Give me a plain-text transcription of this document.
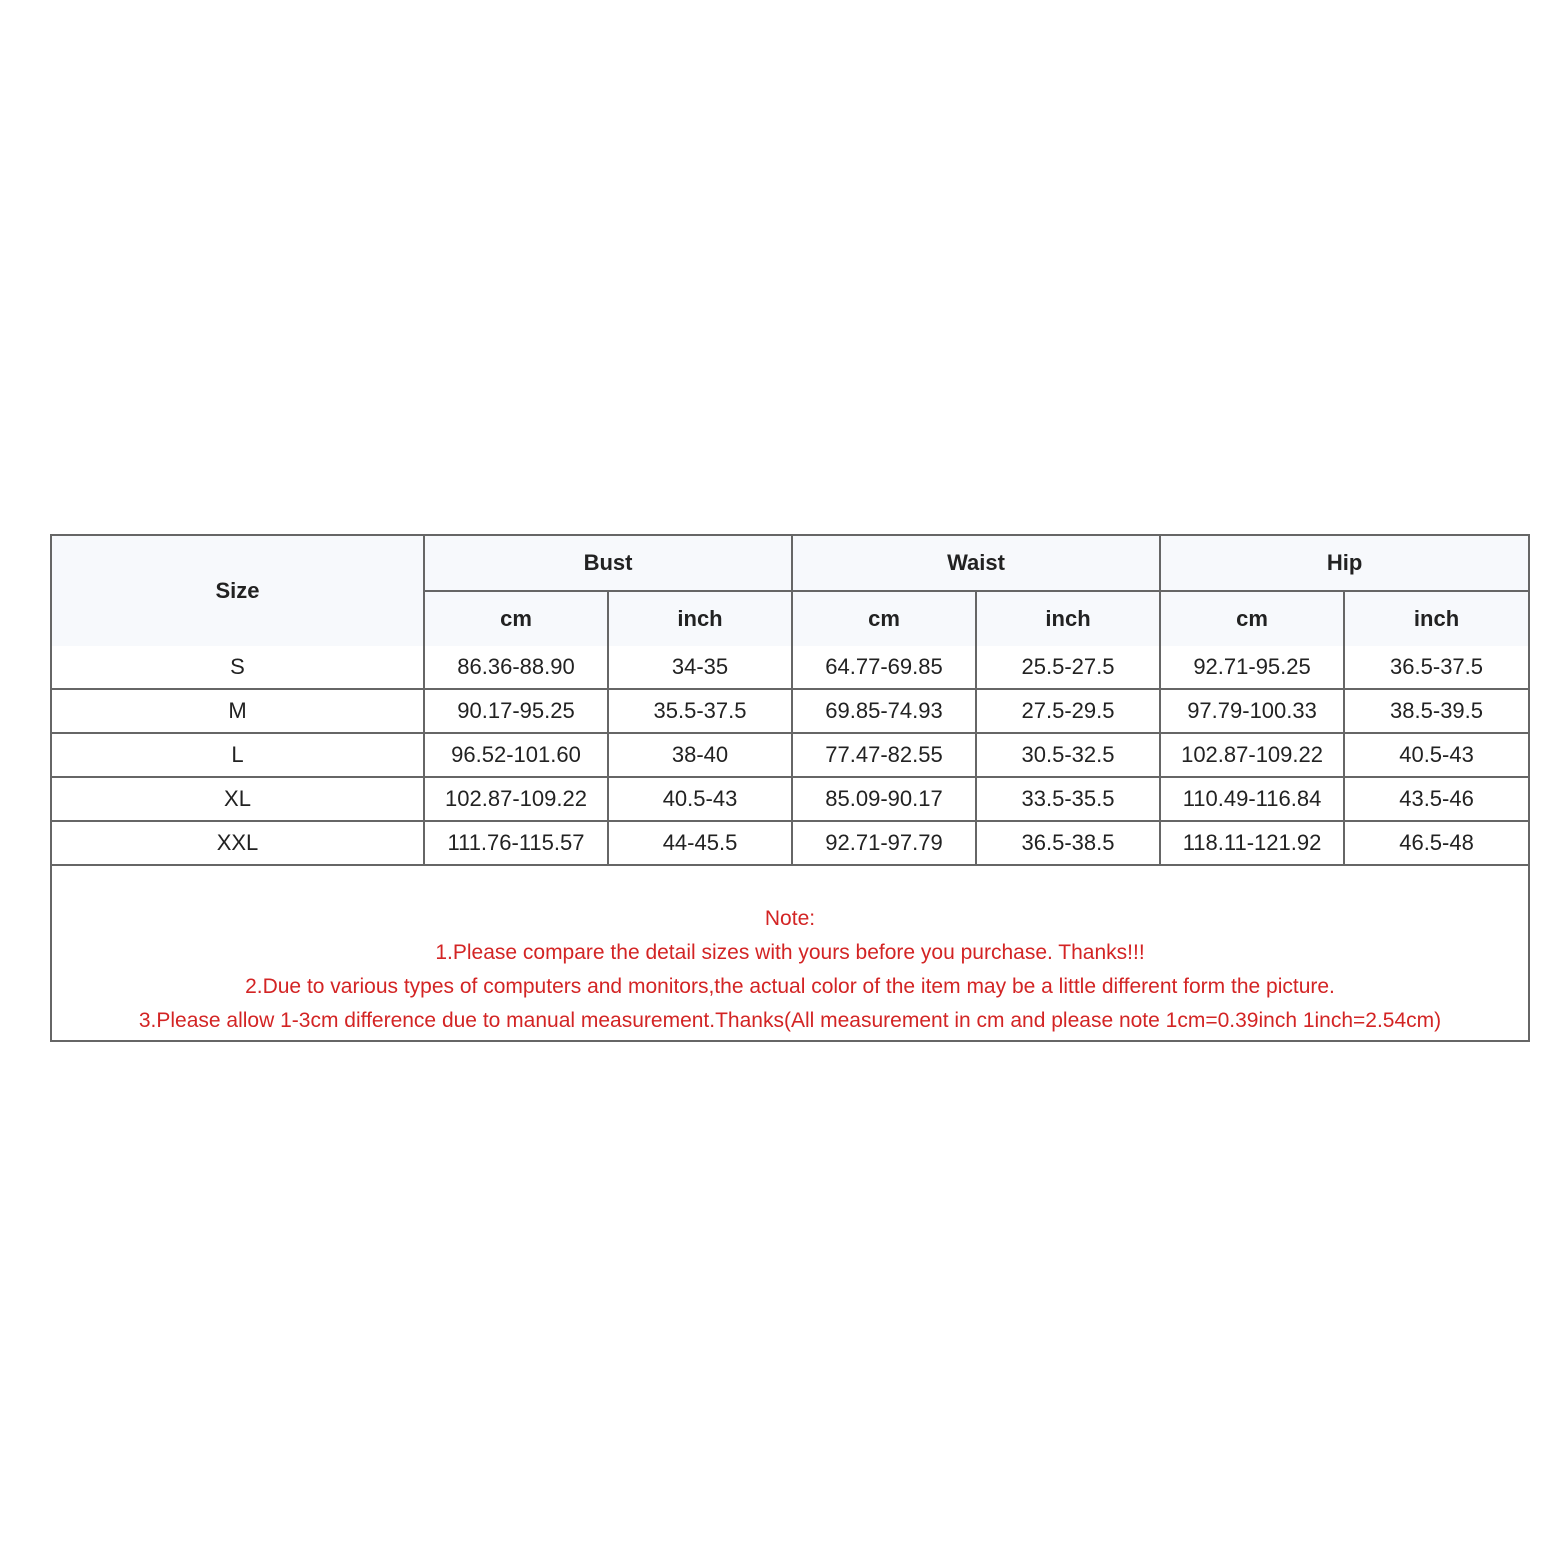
Size	Bust		Waist		Hip	
	cm	inch	cm	inch	cm	inch
S	86.36-88.90	34-35	64.77-69.85	25.5-27.5	92.71-95.25	36.5-37.5
M	90.17-95.25	35.5-37.5	69.85-74.93	27.5-29.5	97.79-100.33	38.5-39.5
L	96.52-101.60	38-40	77.47-82.55	30.5-32.5	102.87-109.22	40.5-43
XL	102.87-109.22	40.5-43	85.09-90.17	33.5-35.5	110.49-116.84	43.5-46
XXL	111.76-115.57	44-45.5	92.71-97.79	36.5-38.5	118.11-121.92	46.5-48
Note:
1.Please compare the detail sizes with yours before you purchase. Thanks!!!
2.Due to various types of computers and monitors,the actual color of the item may be a little different form the picture.
3.Please allow 1-3cm difference due to manual measurement.Thanks(All measurement in cm and please note 1cm=0.39inch 1inch=2.54cm)
